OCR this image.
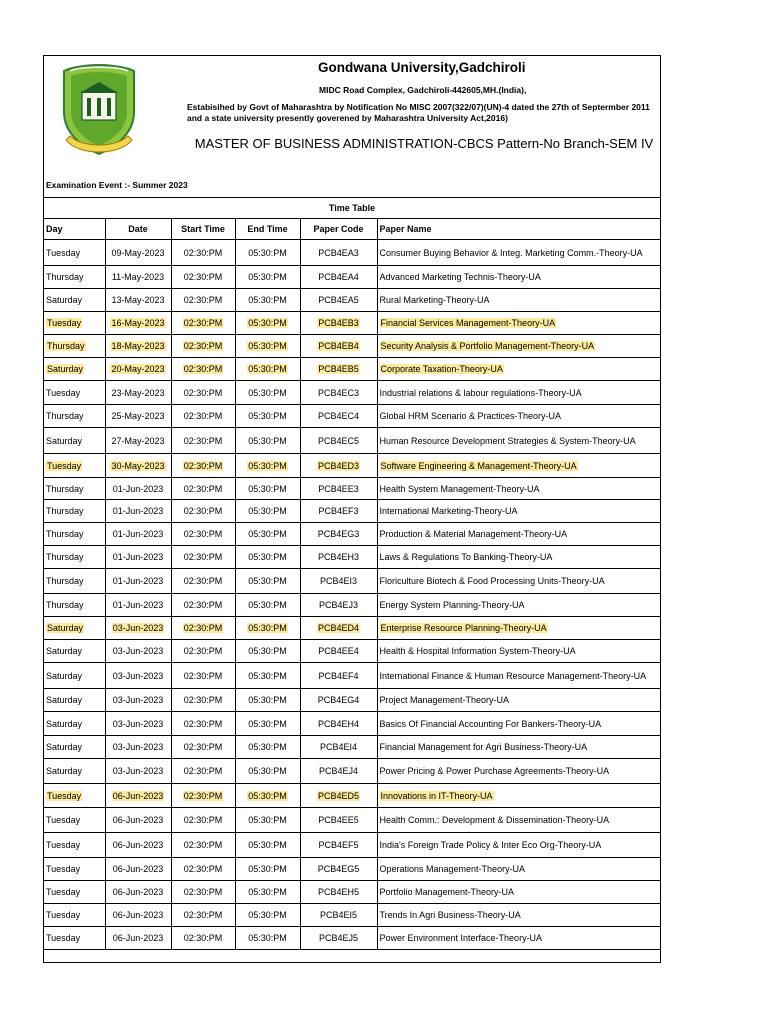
Gondwana University,Gadchiroli
MIDC Road Complex, Gadchiroli-442605,MH.(India),
Estabisihed by Govt of Maharashtra by Notification No MISC 2007(322/07)(UN)-4 dated the 27th of Septermber 2011 and a state university presently goverened by Maharashtra University Act,2016)
MASTER OF BUSINESS ADMINISTRATION-CBCS Pattern-No Branch-SEM IV
Examination Event :- Summer 2023
Time Table
Day	Date	Start Time	End Time	Paper Code	Paper Name
Tuesday	09-May-2023	02:30:PM	05:30:PM	PCB4EA3	Consumer Buying Behavior & Integ. Marketing Comm.-Theory-UA
Thursday	11-May-2023	02:30:PM	05:30:PM	PCB4EA4	Advanced Marketing Technis-Theory-UA
Saturday	13-May-2023	02:30:PM	05:30:PM	PCB4EA5	Rural Marketing-Theory-UA
Tuesday	16-May-2023	02:30:PM	05:30:PM	PCB4EB3	Financial Services Management-Theory-UA
Thursday	18-May-2023	02:30:PM	05:30:PM	PCB4EB4	Security Analysis & Portfolio Management-Theory-UA
Saturday	20-May-2023	02:30:PM	05:30:PM	PCB4EB5	Corporate Taxation-Theory-UA
Tuesday	23-May-2023	02:30:PM	05:30:PM	PCB4EC3	Industrial relations & labour regulations-Theory-UA
Thursday	25-May-2023	02:30:PM	05:30:PM	PCB4EC4	Global HRM Scenario & Practices-Theory-UA
Saturday	27-May-2023	02:30:PM	05:30:PM	PCB4EC5	Human Resource Development Strategies & System-Theory-UA
Tuesday	30-May-2023	02:30:PM	05:30:PM	PCB4ED3	Software Engineering & Management-Theory-UA
Thursday	01-Jun-2023	02:30:PM	05:30:PM	PCB4EE3	Health System Management-Theory-UA
Thursday	01-Jun-2023	02:30:PM	05:30:PM	PCB4EF3	International Marketing-Theory-UA
Thursday	01-Jun-2023	02:30:PM	05:30:PM	PCB4EG3	Production & Material Management-Theory-UA
Thursday	01-Jun-2023	02:30:PM	05:30:PM	PCB4EH3	Laws & Regulations To Banking-Theory-UA
Thursday	01-Jun-2023	02:30:PM	05:30:PM	PCB4EI3	Floriculture Biotech & Food Processing Units-Theory-UA
Thursday	01-Jun-2023	02:30:PM	05:30:PM	PCB4EJ3	Energy System Planning-Theory-UA
Saturday	03-Jun-2023	02:30:PM	05:30:PM	PCB4ED4	Enterprise Resource Planning-Theory-UA
Saturday	03-Jun-2023	02:30:PM	05:30:PM	PCB4EE4	Health & Hospital Information System-Theory-UA
Saturday	03-Jun-2023	02:30:PM	05:30:PM	PCB4EF4	International Finance & Human Resource Management-Theory-UA
Saturday	03-Jun-2023	02:30:PM	05:30:PM	PCB4EG4	Project Management-Theory-UA
Saturday	03-Jun-2023	02:30:PM	05:30:PM	PCB4EH4	Basics Of Financial Accounting For Bankers-Theory-UA
Saturday	03-Jun-2023	02:30:PM	05:30:PM	PCB4EI4	Financial Management for Agri Business-Theory-UA
Saturday	03-Jun-2023	02:30:PM	05:30:PM	PCB4EJ4	Power Pricing & Power Purchase Agreements-Theory-UA
Tuesday	06-Jun-2023	02:30:PM	05:30:PM	PCB4ED5	Innovations in IT-Theory-UA
Tuesday	06-Jun-2023	02:30:PM	05:30:PM	PCB4EE5	Health Comm.: Development & Dissemination-Theory-UA
Tuesday	06-Jun-2023	02:30:PM	05:30:PM	PCB4EF5	India's Foreign Trade Policy & Inter Eco Org-Theory-UA
Tuesday	06-Jun-2023	02:30:PM	05:30:PM	PCB4EG5	Operations Management-Theory-UA
Tuesday	06-Jun-2023	02:30:PM	05:30:PM	PCB4EH5	Portfolio Management-Theory-UA
Tuesday	06-Jun-2023	02:30:PM	05:30:PM	PCB4EI5	Trends In Agri Business-Theory-UA
Tuesday	06-Jun-2023	02:30:PM	05:30:PM	PCB4EJ5	Power Environment Interface-Theory-UA
